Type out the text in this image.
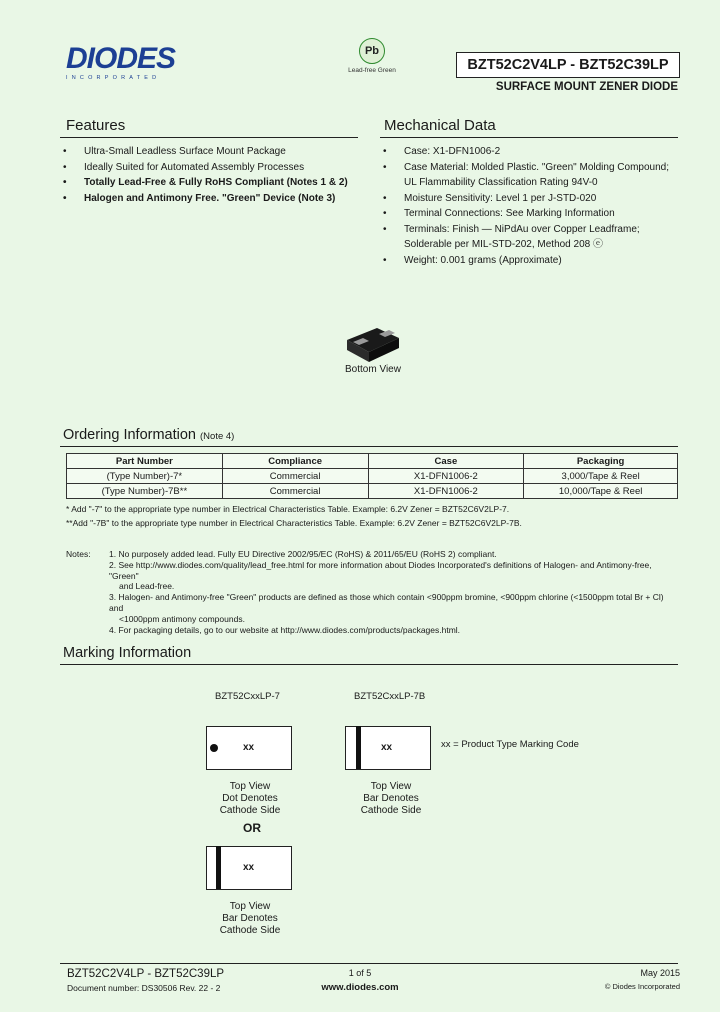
DIODES
INCORPORATED
Pb
Lead-free Green	BZT52C2V4LP - BZT52C39LP
SURFACE MOUNT ZENER DIODE
Features
• Ultra-Small Leadless Surface Mount Package
• Ideally Suited for Automated Assembly Processes
• Totally Lead-Free & Fully RoHS Compliant (Notes 1 & 2)
• Halogen and Antimony Free. "Green" Device (Note 3)
Mechanical Data
• Case: X1-DFN1006-2
• Case Material: Molded Plastic. "Green" Molding Compound;
UL Flammability Classification Rating 94V-0
• Moisture Sensitivity: Level 1 per J-STD-020
• Terminal Connections: See Marking Information
• Terminals: Finish — NiPdAu over Copper Leadframe;
Solderable per MIL-STD-202, Method 208 ⓔ
• Weight: 0.001 grams (Approximate)
Bottom View
Ordering Information (Note 4)
Part Number	Compliance	Case	Packaging
(Type Number)-7*	Commercial	X1-DFN1006-2	3,000/Tape & Reel
(Type Number)-7B**	Commercial	X1-DFN1006-2	10,000/Tape & Reel
* Add "-7" to the appropriate type number in Electrical Characteristics Table. Example: 6.2V Zener = BZT52C6V2LP-7.
**Add "-7B" to the appropriate type number in Electrical Characteristics Table. Example: 6.2V Zener = BZT52C6V2LP-7B.
Notes: 1. No purposely added lead. Fully EU Directive 2002/95/EC (RoHS) & 2011/65/EU (RoHS 2) compliant.
2. See http://www.diodes.com/quality/lead_free.html for more information about Diodes Incorporated's definitions of Halogen- and Antimony-free, "Green"
and Lead-free.
3. Halogen- and Antimony-free "Green" products are defined as those which contain <900ppm bromine, <900ppm chlorine (<1500ppm total Br + Cl) and
<1000ppm antimony compounds.
4. For packaging details, go to our website at http://www.diodes.com/products/packages.html.
Marking Information
BZT52CxxLP-7	BZT52CxxLP-7B
xx	xx	xx = Product Type Marking Code
Top View
Dot Denotes
Cathode Side
Top View
Bar Denotes
Cathode Side
OR
xx
Top View
Bar Denotes
Cathode Side
BZT52C2V4LP - BZT52C39LP
Document number: DS30506 Rev. 22 - 2
1 of 5
www.diodes.com
May 2015
© Diodes Incorporated
